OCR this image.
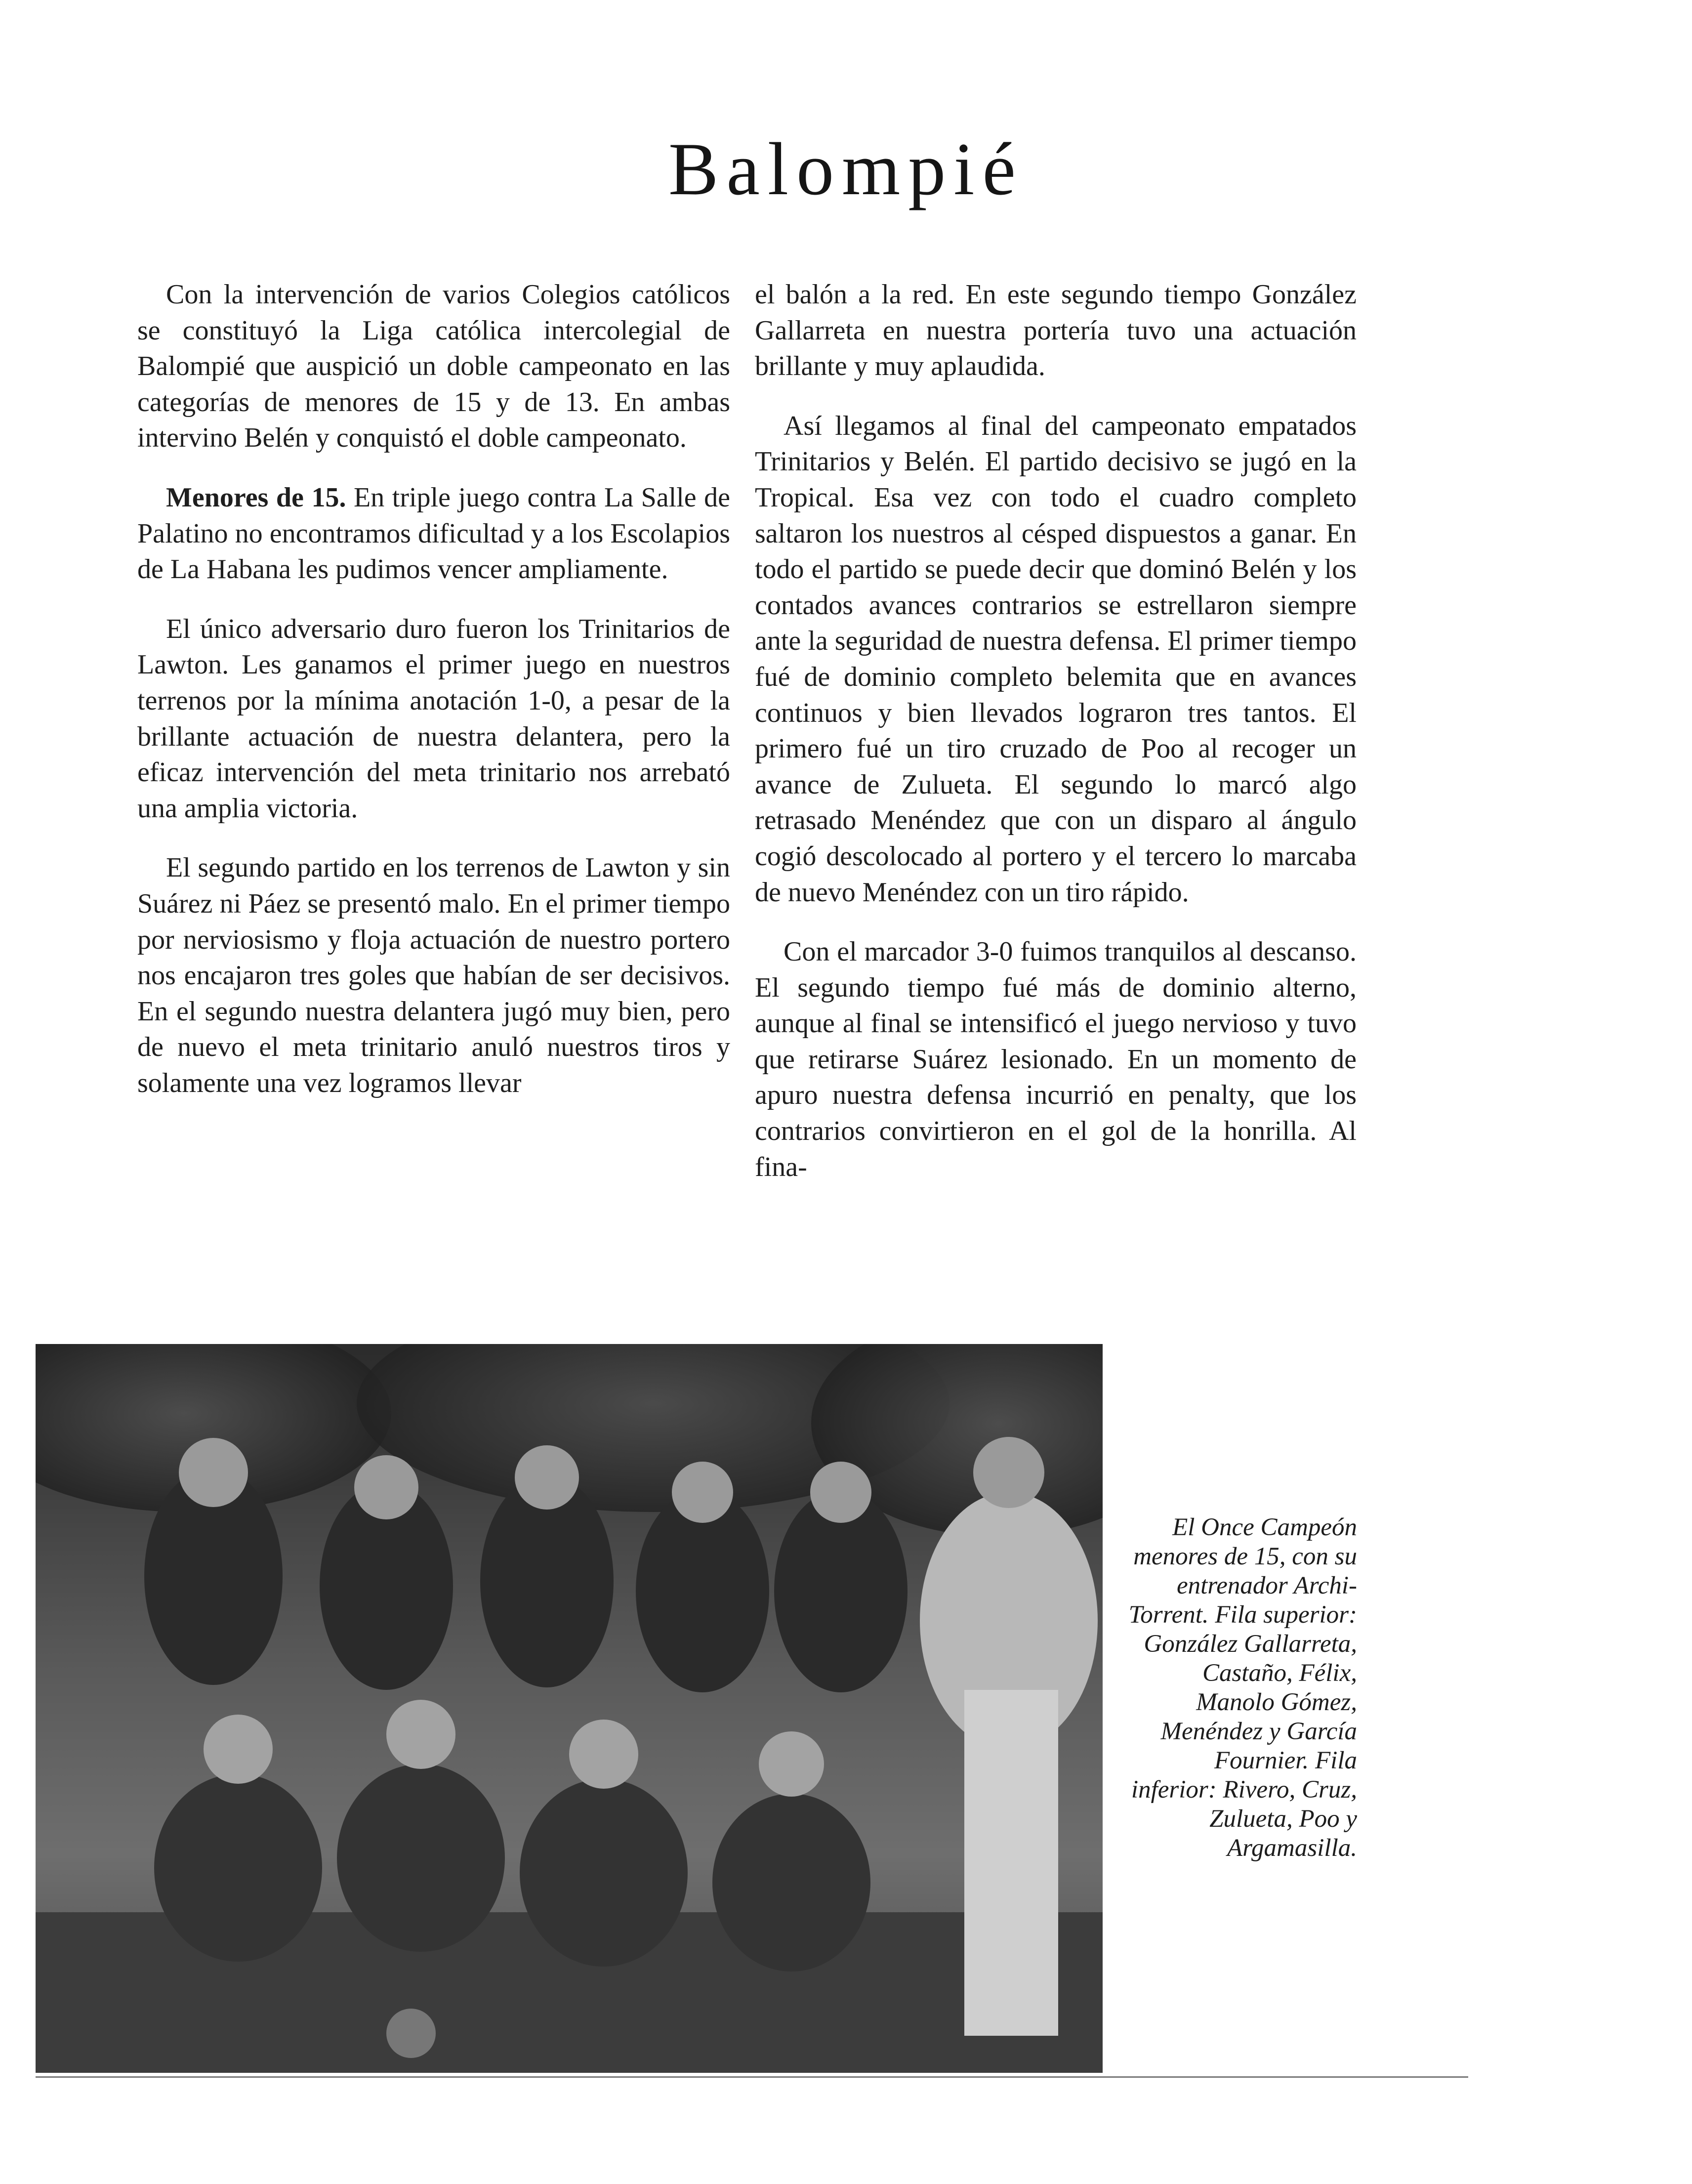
Balompié

Con la intervención de varios Colegios católicos se constituyó la Liga católica intercolegial de Balompié que auspició un doble campeonato en las categorías de menores de 15 y de 13. En ambas intervino Belén y conquistó el doble campeonato.

Menores de 15. En triple juego contra La Salle de Palatino no encontramos dificultad y a los Escolapios de La Habana les pudimos vencer ampliamente.

El único adversario duro fueron los Trinitarios de Lawton. Les ganamos el primer juego en nuestros terrenos por la mínima anotación 1-0, a pesar de la brillante actuación de nuestra delantera, pero la eficaz intervención del meta trinitario nos arrebató una amplia victoria.

El segundo partido en los terrenos de Lawton y sin Suárez ni Páez se presentó malo. En el primer tiempo por nerviosismo y floja actuación de nuestro portero nos encajaron tres goles que habían de ser decisivos. En el segundo nuestra delantera jugó muy bien, pero de nuevo el meta trinitario anuló nuestros tiros y solamente una vez logramos llevar

el balón a la red. En este segundo tiempo González Gallarreta en nuestra portería tuvo una actuación brillante y muy aplaudida.

Así llegamos al final del campeonato empatados Trinitarios y Belén. El partido decisivo se jugó en la Tropical. Esa vez con todo el cuadro completo saltaron los nuestros al césped dispuestos a ganar. En todo el partido se puede decir que dominó Belén y los contados avances contrarios se estrellaron siempre ante la seguridad de nuestra defensa. El primer tiempo fué de dominio completo belemita que en avances continuos y bien llevados lograron tres tantos. El primero fué un tiro cruzado de Poo al recoger un avance de Zulueta. El segundo lo marcó algo retrasado Menéndez que con un disparo al ángulo cogió descolocado al portero y el tercero lo marcaba de nuevo Menéndez con un tiro rápido.

Con el marcador 3-0 fuimos tranquilos al descanso. El segundo tiempo fué más de dominio alterno, aunque al final se intensificó el juego nervioso y tuvo que retirarse Suárez lesionado. En un momento de apuro nuestra defensa incurrió en penalty, que los contrarios convirtieron en el gol de la honrilla. Al fina-

El Once Campeón menores de 15, con su entrenador Archi-Torrent. Fila superior: González Gallarreta, Castaño, Félix, Manolo Gómez, Menéndez y García Fournier. Fila inferior: Rivero, Cruz, Zulueta, Poo y Argamasilla.
